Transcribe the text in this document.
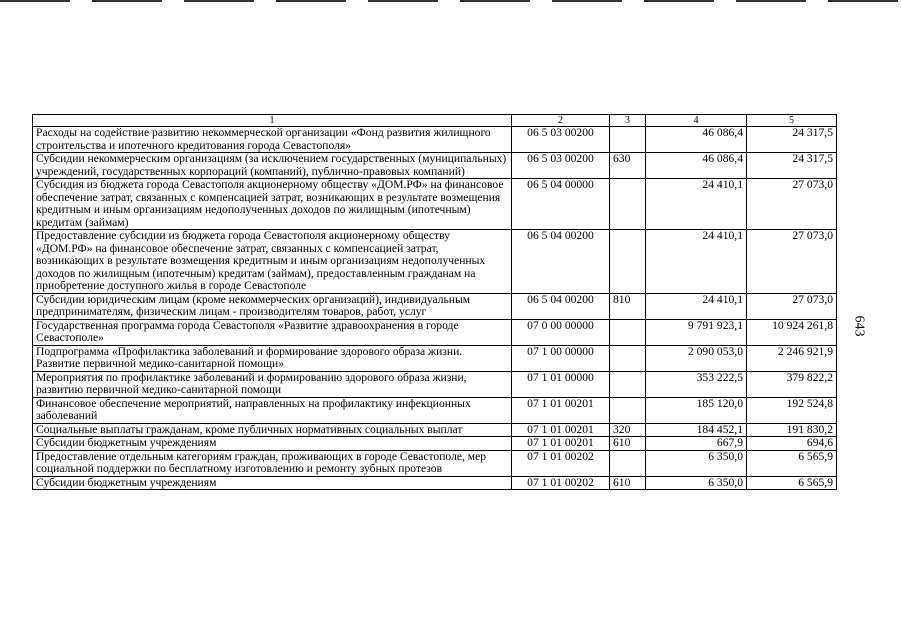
643
1	2	3	4	5
Расходы на содействие развитию некоммерческой организации «Фонд развития жилищного строительства и ипотечного кредитования города Севастополя»	06 5 03 00200		46 086,4	24 317,5
Субсидии некоммерческим организациям (за исключением государственных (муниципальных) учреждений, государственных корпораций (компаний), публично-правовых компаний)	06 5 03 00200	630	46 086,4	24 317,5
Субсидия из бюджета города Севастополя акционерному обществу «ДОМ.РФ» на финансовое обеспечение затрат, связанных с компенсацией затрат, возникающих в результате возмещения кредитным и иным организациям недополученных доходов по жилищным (ипотечным) кредитам (займам)	06 5 04 00000		24 410,1	27 073,0
Предоставление субсидии из бюджета города Севастополя акционерному обществу «ДОМ.РФ» на финансовое обеспечение затрат, связанных с компенсацией затрат, возникающих в результате возмещения кредитным и иным организациям недополученных доходов по жилищным (ипотечным) кредитам (займам), предоставленным гражданам на приобретение доступного жилья в городе Севастополе	06 5 04 00200		24 410,1	27 073,0
Субсидии юридическим лицам (кроме некоммерческих организаций), индивидуальным предпринимателям, физическим лицам - производителям товаров, работ, услуг	06 5 04 00200	810	24 410,1	27 073,0
Государственная программа города Севастополя «Развитие здравоохранения в городе Севастополе»	07 0 00 00000		9 791 923,1	10 924 261,8
Подпрограмма «Профилактика заболеваний и формирование здорового образа жизни. Развитие первичной медико-санитарной помощи»	07 1 00 00000		2 090 053,0	2 246 921,9
Мероприятия по профилактике заболеваний и формированию здорового образа жизни, развитию первичной медико-санитарной помощи	07 1 01 00000		353 222,5	379 822,2
Финансовое обеспечение мероприятий, направленных на профилактику инфекционных заболеваний	07 1 01 00201		185 120,0	192 524,8
Социальные выплаты гражданам, кроме публичных нормативных социальных выплат	07 1 01 00201	320	184 452,1	191 830,2
Субсидии бюджетным учреждениям	07 1 01 00201	610	667,9	694,6
Предоставление отдельным категориям граждан, проживающих в городе Севастополе, мер социальной поддержки по бесплатному изготовлению и ремонту зубных протезов	07 1 01 00202		6 350,0	6 565,9
Субсидии бюджетным учреждениям	07 1 01 00202	610	6 350,0	6 565,9
